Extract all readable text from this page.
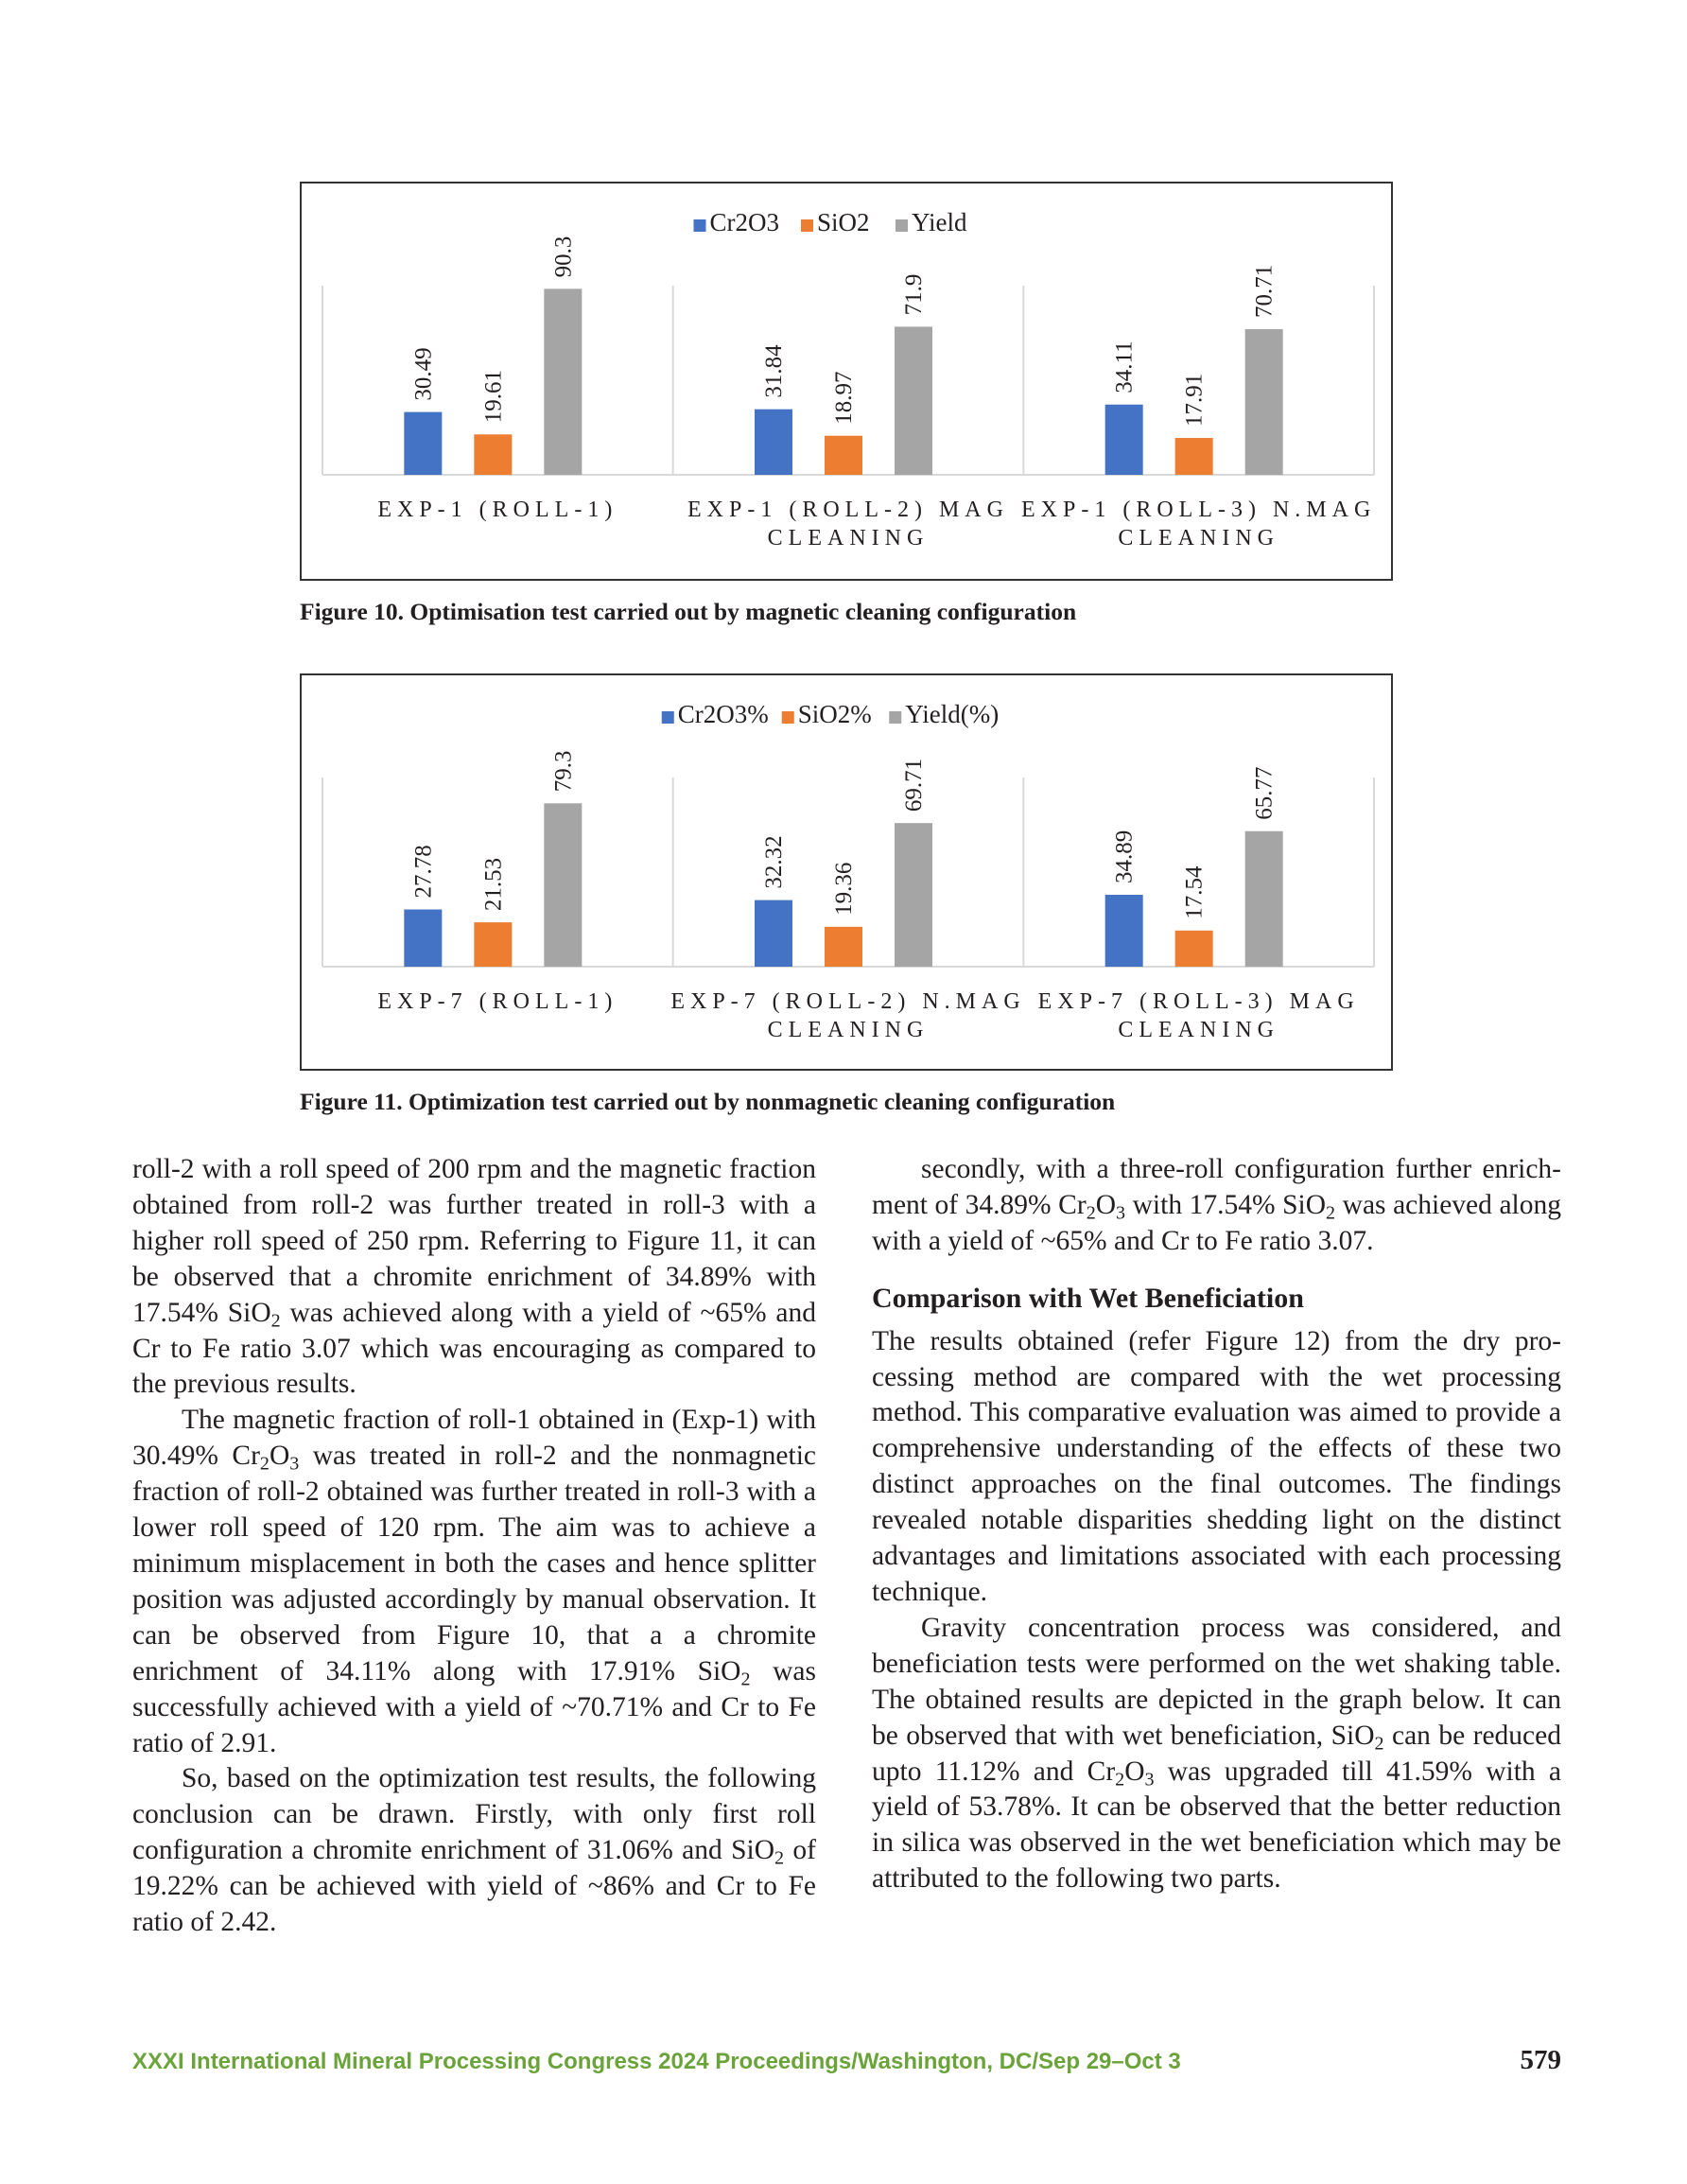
Cr2O3 SiO2 Yield
30.49 19.61
90.3
EXP-1 (ROLL-1)
31.84 18.97
71.9
EXP-1 (ROLL-2) MAG
CLEANING
34.11
17.91
70.71
EXP-1 (ROLL-3) N.MAG
CLEANING
Figure 10. Optimisation test carried out by magnetic cleaning configuration
Cr2O3% SiO2% Yield(%)
27.78 21.53
79.3
EXP-7 (ROLL-1)
32.32
19.36
69.71
EXP-7 (ROLL-2) N.MAG
CLEANING
34.89
17.54
65.77
EXP-7 (ROLL-3) MAG
CLEANING
Figure 11. Optimization test carried out by nonmagnetic cleaning configuration

roll-2 with a roll speed of 200 rpm and the magnetic fraction obtained from roll-2 was further treated in roll-3 with a higher roll speed of 250 rpm. Referring to Figure 11, it can be observed that a chromite enrichment of 34.89% with 17.54% SiO$_2$ was achieved along with a yield of ~65% and Cr to Fe ratio 3.07 which was encouraging as compared to the previous results.

The magnetic fraction of roll-1 obtained in (Exp-1) with 30.49% $Cr_2O_3$ was treated in roll-2 and the nonmagnetic fraction of roll-2 obtained was further treated in roll-3 with a lower roll speed of 120 rpm. The aim was to achieve a minimum misplacement in both the cases and hence splitter position was adjusted accordingly by manual observation. It can be observed from Figure 10, that a a chromite enrichment of 34.11% along with 17.91% SiO$_2$ was successfully achieved with a yield of ~70.71% and Cr to Fe ratio of 2.91.

So, based on the optimization test results, the following conclusion can be drawn. Firstly, with only first roll configuration a chromite enrichment of 31.06% and SiO$_2$ of 19.22% can be achieved with yield of ~86% and Cr to Fe ratio of 2.42.

secondly, with a three-roll configuration further enrichment of 34.89% $Cr_2O_3$ with 17.54% SiO$_2$ was achieved along with a yield of ~65% and Cr to Fe ratio 3.07.

Comparison with Wet Beneficiation

The results obtained (refer Figure 12) from the dry processing method are compared with the wet processing method. This comparative evaluation was aimed to provide a comprehensive understanding of the effects of these two distinct approaches on the final outcomes. The findings revealed notable disparities shedding light on the distinct advantages and limitations associated with each processing technique.

Gravity concentration process was considered, and beneficiation tests were performed on the wet shaking table. The obtained results are depicted in the graph below. It can be observed that with wet beneficiation, SiO$_2$ can be reduced upto 11.12% and $Cr_2O_3$ was upgraded till 41.59% with a yield of 53.78%. It can be observed that the better reduction in silica was observed in the wet beneficiation which may be attributed to the following two parts.

XXXI International Mineral Processing Congress 2024 Proceedings/Washington, DC/Sep 29–Oct 3	579
